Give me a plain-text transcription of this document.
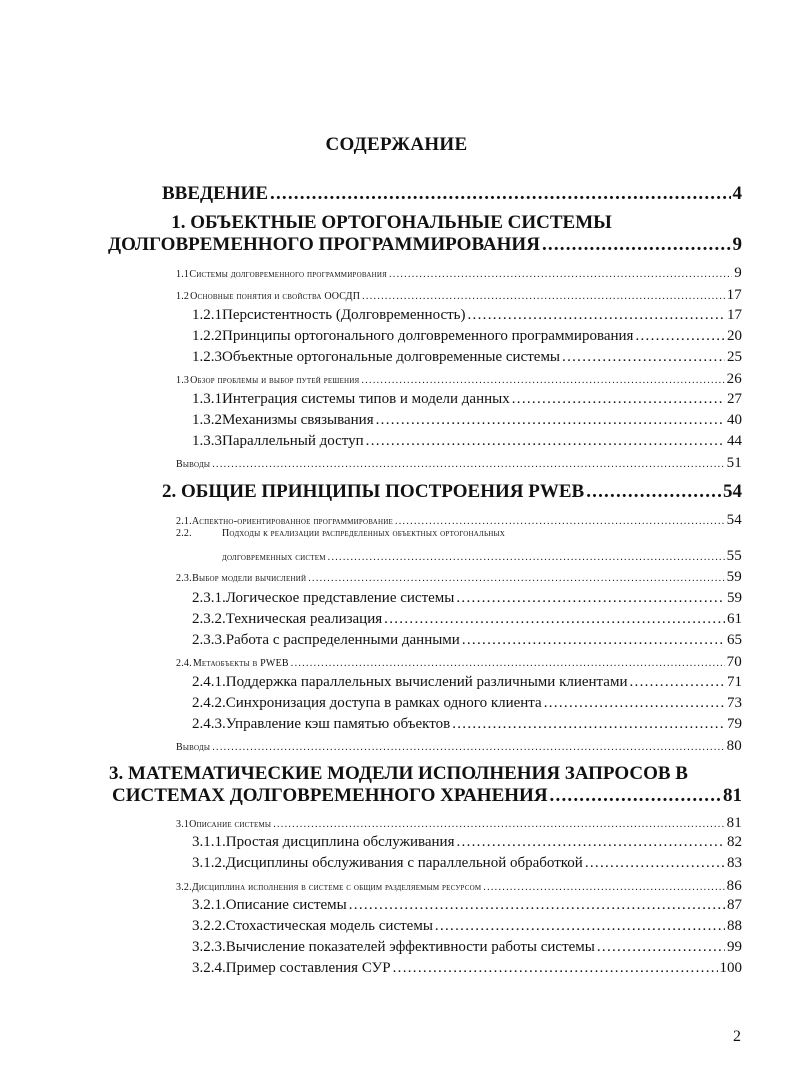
СОДЕРЖАНИЕ
ВВЕДЕНИЕ .....	4
1. ОБЪЕКТНЫЕ ОРТОГОНАЛЬНЫЕ СИСТЕМЫ
ДОЛГОВРЕМЕННОГО ПРОГРАММИРОВАНИЯ .....	9
1.1 Системы долговременного программирования .....	9
1.2 Основные понятия и свойства ООСДП .....	17
1.2.1 Персистентность (Долговременность) .....	17
1.2.2 Принципы ортогонального долговременного программирования .....	20
1.2.3 Объектные ортогональные долговременные системы .....	25
1.3 Обзор проблемы и выбор путей решения .....	26
1.3.1 Интеграция системы типов и модели данных .....	27
1.3.2 Механизмы связывания .....	40
1.3.3 Параллельный доступ .....	44
Выводы .....	51
2. ОБЩИЕ ПРИНЦИПЫ ПОСТРОЕНИЯ PWEB .....	54
2.1. Аспектно-ориентированное программирование .....	54
2.2.	Подходы к реализации распределенных объектных ортогональных
долговременных систем .....	55
2.3. Выбор модели вычислений .....	59
2.3.1. Логическое представление системы .....	59
2.3.2. Техническая реализация .....	61
2.3.3. Работа с распределенными данными .....	65
2.4. Метаобъекты в PWEB .....	70
2.4.1. Поддержка параллельных вычислений различными клиентами .....	71
2.4.2. Синхронизация доступа в рамках одного клиента .....	73
2.4.3. Управление кэш памятью объектов .....	79
Выводы .....	80
3. МАТЕМАТИЧЕСКИЕ МОДЕЛИ ИСПОЛНЕНИЯ ЗАПРОСОВ В
СИСТЕМАХ ДОЛГОВРЕМЕННОГО ХРАНЕНИЯ .....	81
3.1 Описание системы .....	81
3.1.1. Простая дисциплина обслуживания .....	82
3.1.2. Дисциплины обслуживания с параллельной обработкой .....	83
3.2. Дисциплина исполнения в системе с общим разделяемым ресурсом .....	86
3.2.1. Описание системы .....	87
3.2.2. Стохастическая модель системы .....	88
3.2.3. Вычисление показателей эффективности работы системы .....	99
3.2.4. Пример составления СУР .....	100
2
